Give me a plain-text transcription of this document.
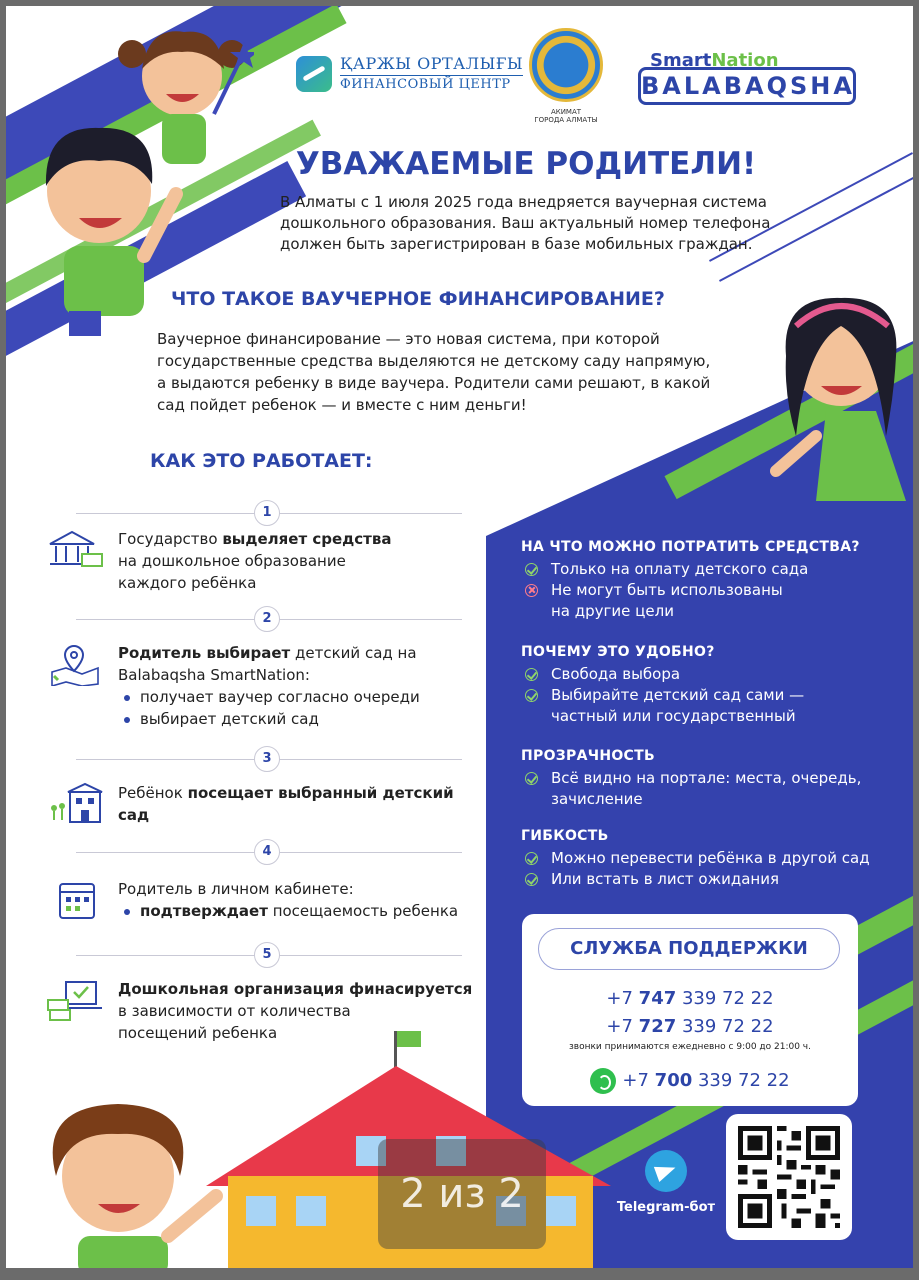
ҚАРЖЫ ОРТАЛЫҒЫ
ФИНАНСОВЫЙ ЦЕНТР
АКИМАТ
ГОРОДА АЛМАТЫ
SmartNation
BALABAQSHA
УВАЖАЕМЫЕ РОДИТЕЛИ!
В Алматы с 1 июля 2025 года внедряется ваучерная система дошкольного образования. Ваш актуальный номер телефона должен быть зарегистрирован в базе мобильных граждан.
ЧТО ТАКОЕ ВАУЧЕРНОЕ ФИНАНСИРОВАНИЕ?
Ваучерное финансирование — это новая система, при которой государственные средства выделяются не детскому саду напрямую, а выдаются ребенку в виде ваучера. Родители сами решают, в какой сад пойдет ребенок — и вместе с ним деньги!
КАК ЭТО РАБОТАЕТ:
1
2
3
4
5
Государство выделяет средства
на дошкольное образование каждого ребёнка
Родитель выбирает детский сад на Balabaqsha SmartNation:
получает ваучер согласно очереди
выбирает детский сад
Ребёнок посещает выбранный детский сад
Родитель в личном кабинете:
подтверждает посещаемость ребенка
Дошкольная организация финасируется
в зависимости от количества посещений ребенка
НА ЧТО МОЖНО ПОТРАТИТЬ СРЕДСТВА?
Только на оплату детского сада
Не могут быть использованы на другие цели
ПОЧЕМУ ЭТО УДОБНО?
Свобода выбора
Выбирайте детский сад сами — частный или государственный
ПРОЗРАЧНОСТЬ
Всё видно на портале: места, очередь, зачисление
ГИБКОСТЬ
Можно перевести ребёнка в другой сад
Или встать в лист ожидания
СЛУЖБА ПОДДЕРЖКИ
+7 747 339 72 22
+7 727 339 72 22
звонки принимаются ежедневно с 9:00 до 21:00 ч.
+7 700 339 72 22
Telegram-бот
2 из 2
